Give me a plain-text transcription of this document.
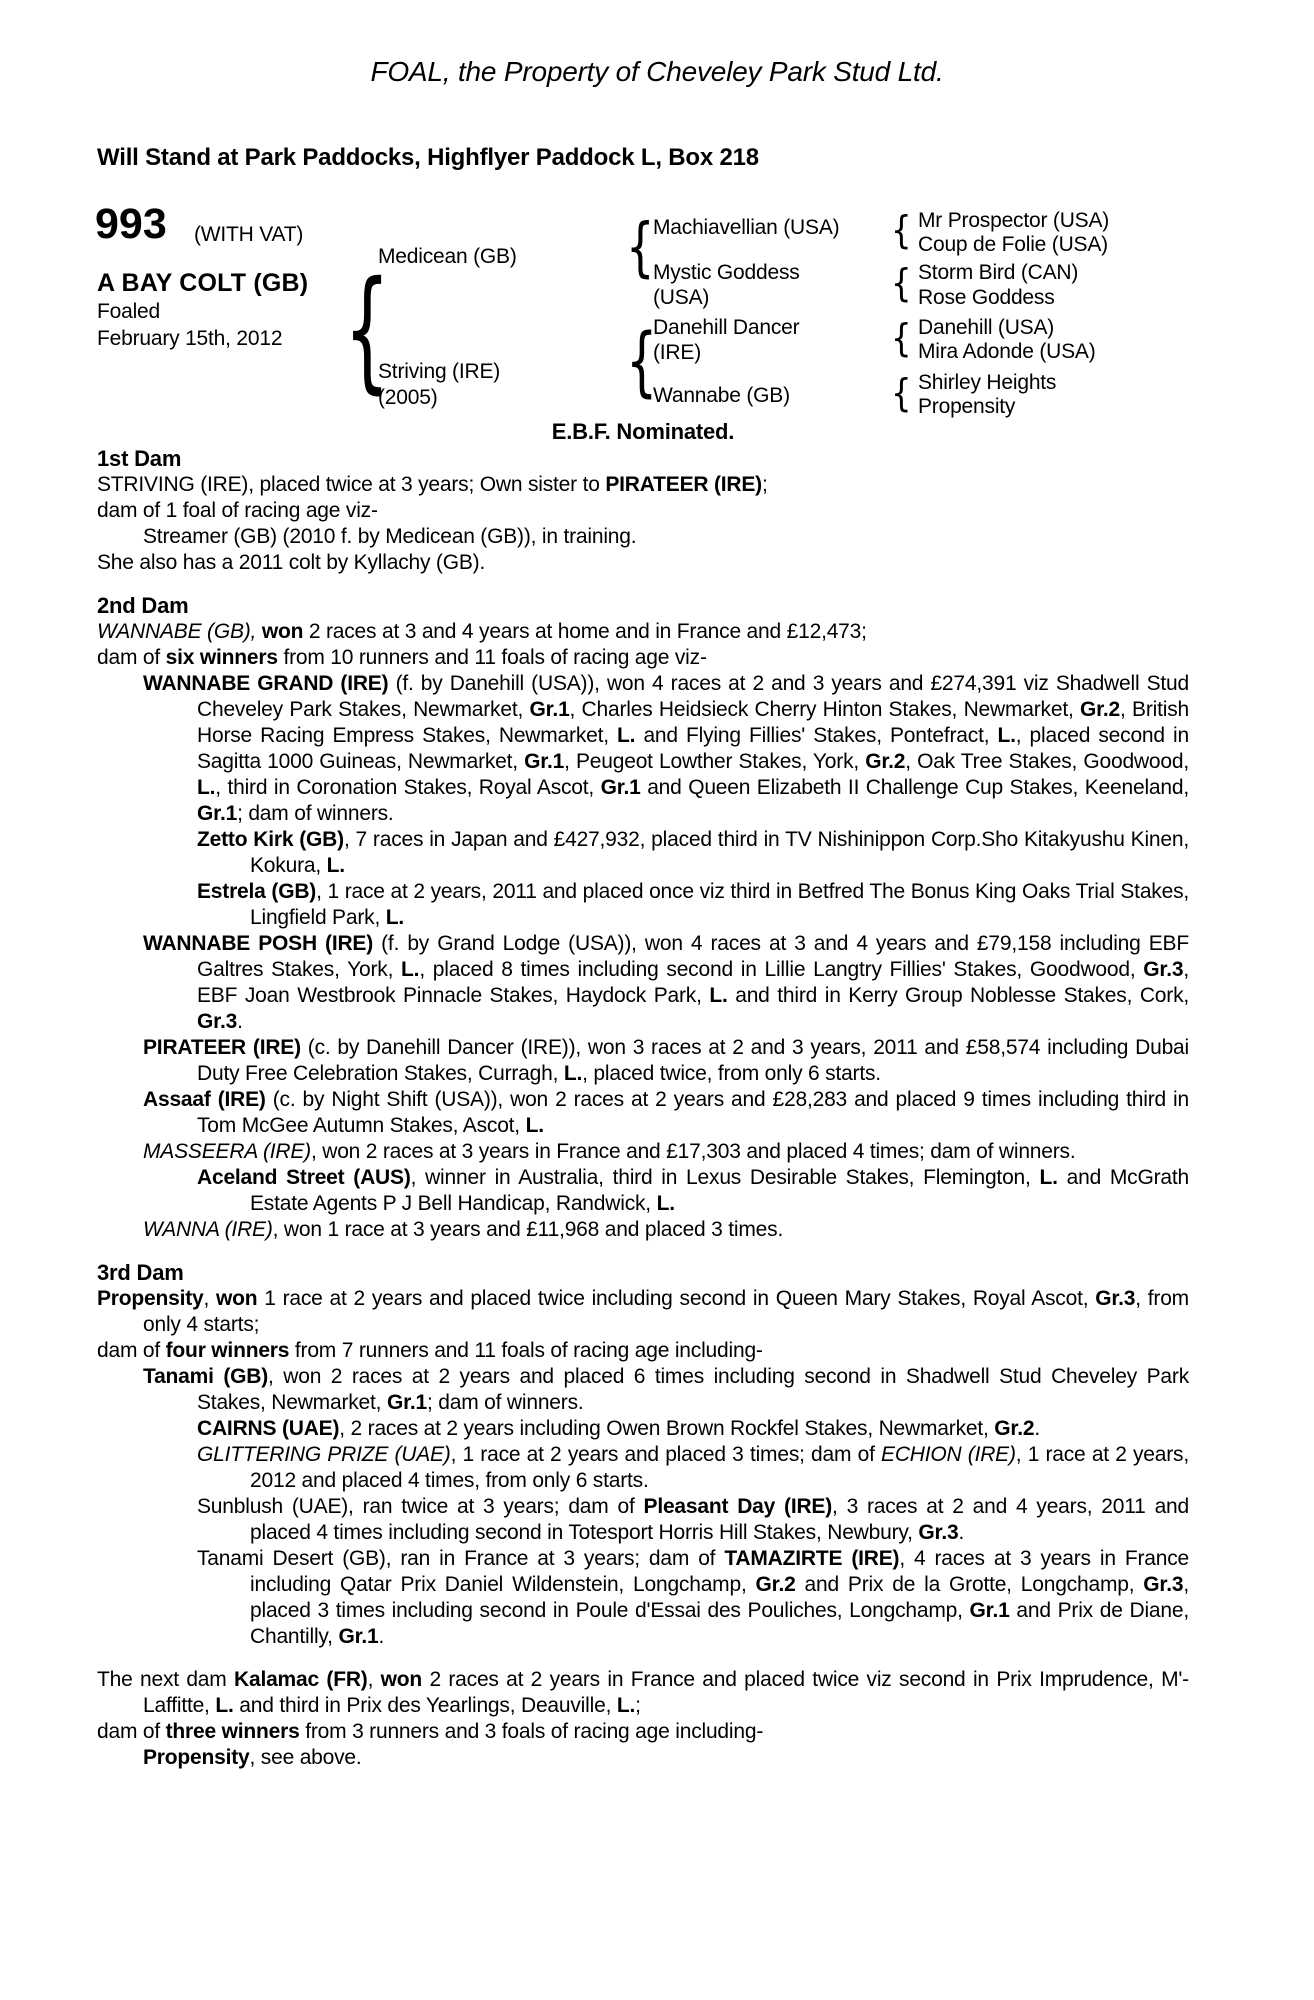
FOAL, the Property of Cheveley Park Stud Ltd.
Will Stand at Park Paddocks, Highflyer Paddock L, Box 218
993 (WITH VAT)
A BAY COLT (GB)
Foaled
February 15th, 2012 {
{
{
{
{
{
{
Medicean (GB)
Striving (IRE)
(2005)
Machiavellian (USA)
Mystic Goddess
(USA)
Danehill Dancer
(IRE)
Wannabe (GB)
Mr Prospector (USA)
Coup de Folie (USA)
Storm Bird (CAN)
Rose Goddess
Danehill (USA)
Mira Adonde (USA)
Shirley Heights
Propensity
E.B.F. Nominated.
1st Dam
STRIVING (IRE), placed twice at 3 years; Own sister to PIRATEER (IRE);
dam of 1 foal of racing age viz-
Streamer (GB) (2010 f. by Medicean (GB)), in training.
She also has a 2011 colt by Kyllachy (GB).
2nd Dam
WANNABE (GB), won 2 races at 3 and 4 years at home and in France and £12,473;
dam of six winners from 10 runners and 11 foals of racing age viz-
WANNABE GRAND (IRE) (f. by Danehill (USA)), won 4 races at 2 and 3 years and £274,391 viz Shadwell Stud Cheveley Park Stakes, Newmarket, Gr.1, Charles Heidsieck Cherry Hinton Stakes, Newmarket, Gr.2, British Horse Racing Empress Stakes, Newmarket, L. and Flying Fillies' Stakes, Pontefract, L., placed second in Sagitta 1000 Guineas, Newmarket, Gr.1, Peugeot Lowther Stakes, York, Gr.2, Oak Tree Stakes, Goodwood, L., third in Coronation Stakes, Royal Ascot, Gr.1 and Queen Elizabeth II Challenge Cup Stakes, Keeneland, Gr.1; dam of winners.
Zetto Kirk (GB), 7 races in Japan and £427,932, placed third in TV Nishinippon Corp.Sho Kitakyushu Kinen, Kokura, L.
Estrela (GB), 1 race at 2 years, 2011 and placed once viz third in Betfred The Bonus King Oaks Trial Stakes, Lingfield Park, L.
WANNABE POSH (IRE) (f. by Grand Lodge (USA)), won 4 races at 3 and 4 years and £79,158 including EBF Galtres Stakes, York, L., placed 8 times including second in Lillie Langtry Fillies' Stakes, Goodwood, Gr.3, EBF Joan Westbrook Pinnacle Stakes, Haydock Park, L. and third in Kerry Group Noblesse Stakes, Cork, Gr.3.
PIRATEER (IRE) (c. by Danehill Dancer (IRE)), won 3 races at 2 and 3 years, 2011 and £58,574 including Dubai Duty Free Celebration Stakes, Curragh, L., placed twice, from only 6 starts.
Assaaf (IRE) (c. by Night Shift (USA)), won 2 races at 2 years and £28,283 and placed 9 times including third in Tom McGee Autumn Stakes, Ascot, L.
MASSEERA (IRE), won 2 races at 3 years in France and £17,303 and placed 4 times; dam of winners.
Aceland Street (AUS), winner in Australia, third in Lexus Desirable Stakes, Flemington, L. and McGrath Estate Agents P J Bell Handicap, Randwick, L.
WANNA (IRE), won 1 race at 3 years and £11,968 and placed 3 times.
3rd Dam
Propensity, won 1 race at 2 years and placed twice including second in Queen Mary Stakes, Royal Ascot, Gr.3, from only 4 starts;
dam of four winners from 7 runners and 11 foals of racing age including-
Tanami (GB), won 2 races at 2 years and placed 6 times including second in Shadwell Stud Cheveley Park Stakes, Newmarket, Gr.1; dam of winners.
CAIRNS (UAE), 2 races at 2 years including Owen Brown Rockfel Stakes, Newmarket, Gr.2.
GLITTERING PRIZE (UAE), 1 race at 2 years and placed 3 times; dam of ECHION (IRE), 1 race at 2 years, 2012 and placed 4 times, from only 6 starts.
Sunblush (UAE), ran twice at 3 years; dam of Pleasant Day (IRE), 3 races at 2 and 4 years, 2011 and placed 4 times including second in Totesport Horris Hill Stakes, Newbury, Gr.3.
Tanami Desert (GB), ran in France at 3 years; dam of TAMAZIRTE (IRE), 4 races at 3 years in France including Qatar Prix Daniel Wildenstein, Longchamp, Gr.2 and Prix de la Grotte, Longchamp, Gr.3, placed 3 times including second in Poule d'Essai des Pouliches, Longchamp, Gr.1 and Prix de Diane, Chantilly, Gr.1.
The next dam Kalamac (FR), won 2 races at 2 years in France and placed twice viz second in Prix Imprudence, M'-Laffitte, L. and third in Prix des Yearlings, Deauville, L.;
dam of three winners from 3 runners and 3 foals of racing age including-
Propensity, see above.
